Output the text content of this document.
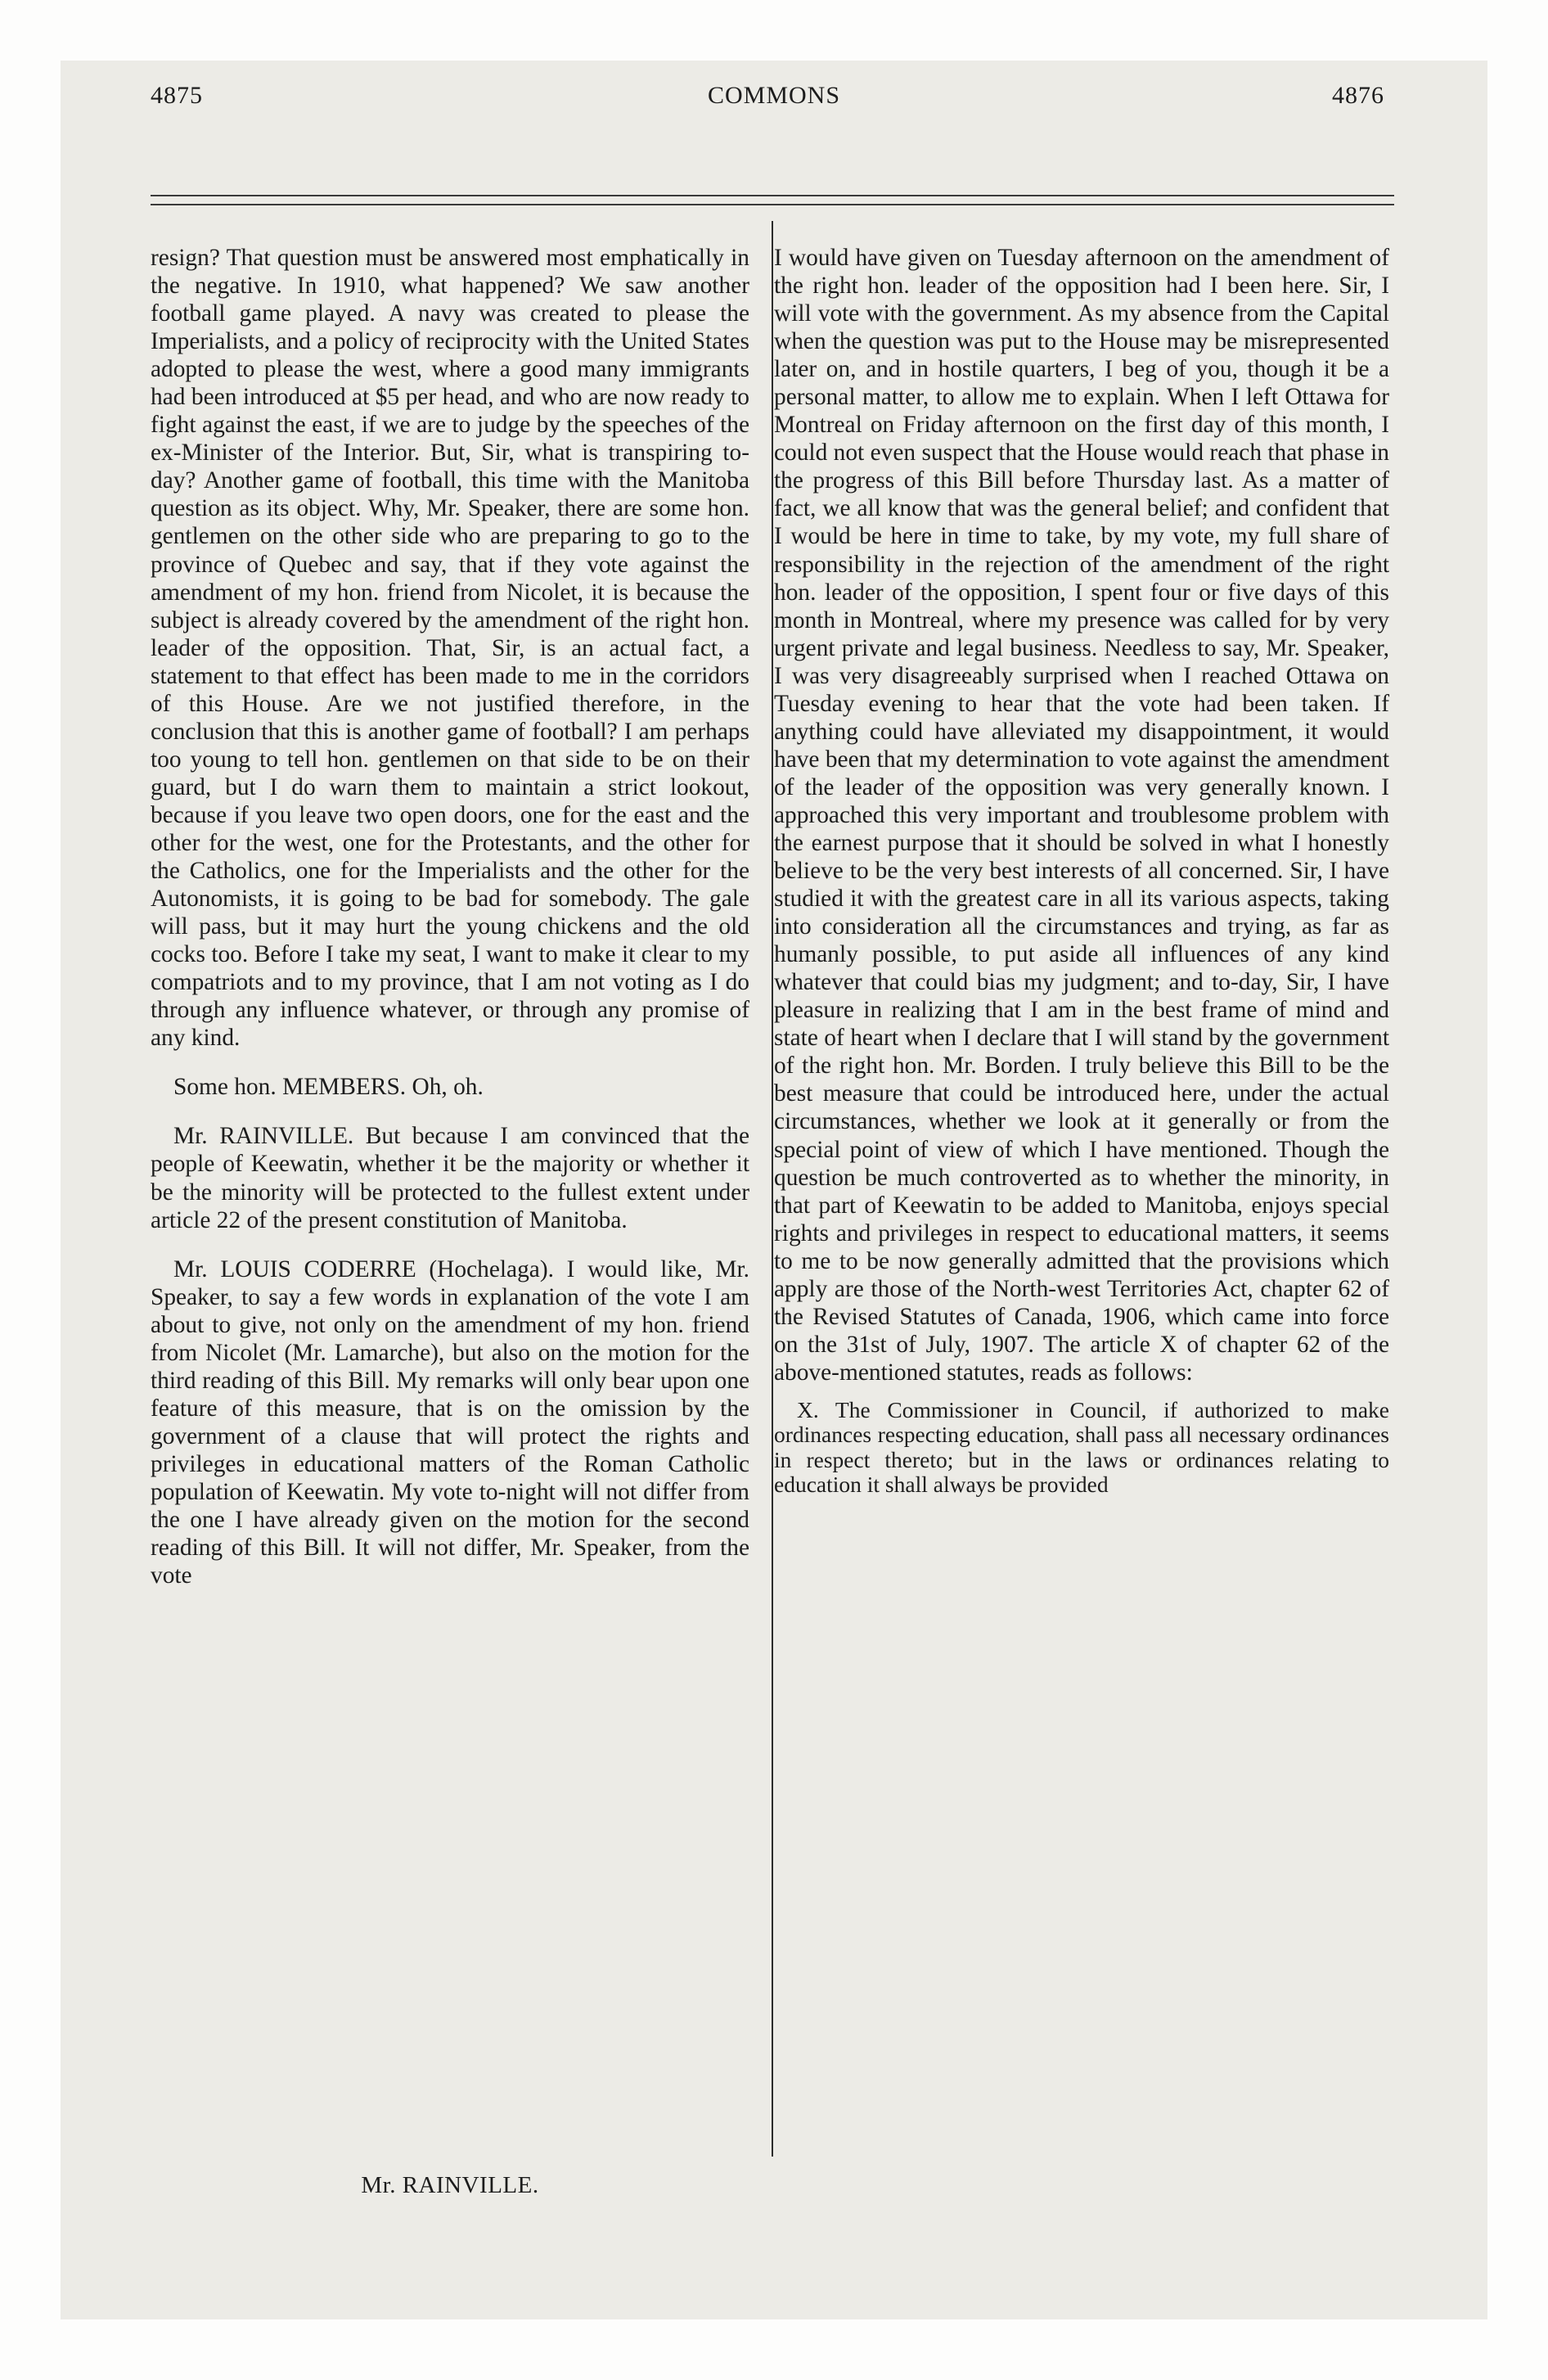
4875	COMMONS	4876

resign? That question must be answered most emphatically in the negative. In 1910, what happened? We saw another football game played. A navy was created to please the Imperialists, and a policy of reciprocity with the United States adopted to please the west, where a good many immigrants had been introduced at $5 per head, and who are now ready to fight against the east, if we are to judge by the speeches of the ex-Minister of the Interior. But, Sir, what is transpiring to-day? Another game of football, this time with the Manitoba question as its object. Why, Mr. Speaker, there are some hon. gentlemen on the other side who are preparing to go to the province of Quebec and say, that if they vote against the amendment of my hon. friend from Nicolet, it is because the subject is already covered by the amendment of the right hon. leader of the opposition. That, Sir, is an actual fact, a statement to that effect has been made to me in the corridors of this House. Are we not justified therefore, in the conclusion that this is another game of football? I am perhaps too young to tell hon. gentlemen on that side to be on their guard, but I do warn them to maintain a strict lookout, because if you leave two open doors, one for the east and the other for the west, one for the Protestants, and the other for the Catholics, one for the Imperialists and the other for the Autonomists, it is going to be bad for somebody. The gale will pass, but it may hurt the young chickens and the old cocks too. Before I take my seat, I want to make it clear to my compatriots and to my province, that I am not voting as I do through any influence whatever, or through any promise of any kind.

Some hon. MEMBERS. Oh, oh.

Mr. RAINVILLE. But because I am convinced that the people of Keewatin, whether it be the majority or whether it be the minority will be protected to the fullest extent under article 22 of the present constitution of Manitoba.

Mr. LOUIS CODERRE (Hochelaga). I would like, Mr. Speaker, to say a few words in explanation of the vote I am about to give, not only on the amendment of my hon. friend from Nicolet (Mr. Lamarche), but also on the motion for the third reading of this Bill. My remarks will only bear upon one feature of this measure, that is on the omission by the government of a clause that will protect the rights and privileges in educational matters of the Roman Catholic population of Keewatin. My vote to-night will not differ from the one I have already given on the motion for the second reading of this Bill. It will not differ, Mr. Speaker, from the vote

I would have given on Tuesday afternoon on the amendment of the right hon. leader of the opposition had I been here. Sir, I will vote with the government. As my absence from the Capital when the question was put to the House may be misrepresented later on, and in hostile quarters, I beg of you, though it be a personal matter, to allow me to explain. When I left Ottawa for Montreal on Friday afternoon on the first day of this month, I could not even suspect that the House would reach that phase in the progress of this Bill before Thursday last. As a matter of fact, we all know that was the general belief; and confident that I would be here in time to take, by my vote, my full share of responsibility in the rejection of the amendment of the right hon. leader of the opposition, I spent four or five days of this month in Montreal, where my presence was called for by very urgent private and legal business. Needless to say, Mr. Speaker, I was very disagreeably surprised when I reached Ottawa on Tuesday evening to hear that the vote had been taken. If anything could have alleviated my disappointment, it would have been that my determination to vote against the amendment of the leader of the opposition was very generally known. I approached this very important and troublesome problem with the earnest purpose that it should be solved in what I honestly believe to be the very best interests of all concerned. Sir, I have studied it with the greatest care in all its various aspects, taking into consideration all the circumstances and trying, as far as humanly possible, to put aside all influences of any kind whatever that could bias my judgment; and to-day, Sir, I have pleasure in realizing that I am in the best frame of mind and state of heart when I declare that I will stand by the government of the right hon. Mr. Borden. I truly believe this Bill to be the best measure that could be introduced here, under the actual circumstances, whether we look at it generally or from the special point of view of which I have mentioned. Though the question be much controverted as to whether the minority, in that part of Keewatin to be added to Manitoba, enjoys special rights and privileges in respect to educational matters, it seems to me to be now generally admitted that the provisions which apply are those of the North-west Territories Act, chapter 62 of the Revised Statutes of Canada, 1906, which came into force on the 31st of July, 1907. The article X of chapter 62 of the above-mentioned statutes, reads as follows:

X. The Commissioner in Council, if authorized to make ordinances respecting education, shall pass all necessary ordinances in respect thereto; but in the laws or ordinances relating to education it shall always be provided

Mr. RAINVILLE.
